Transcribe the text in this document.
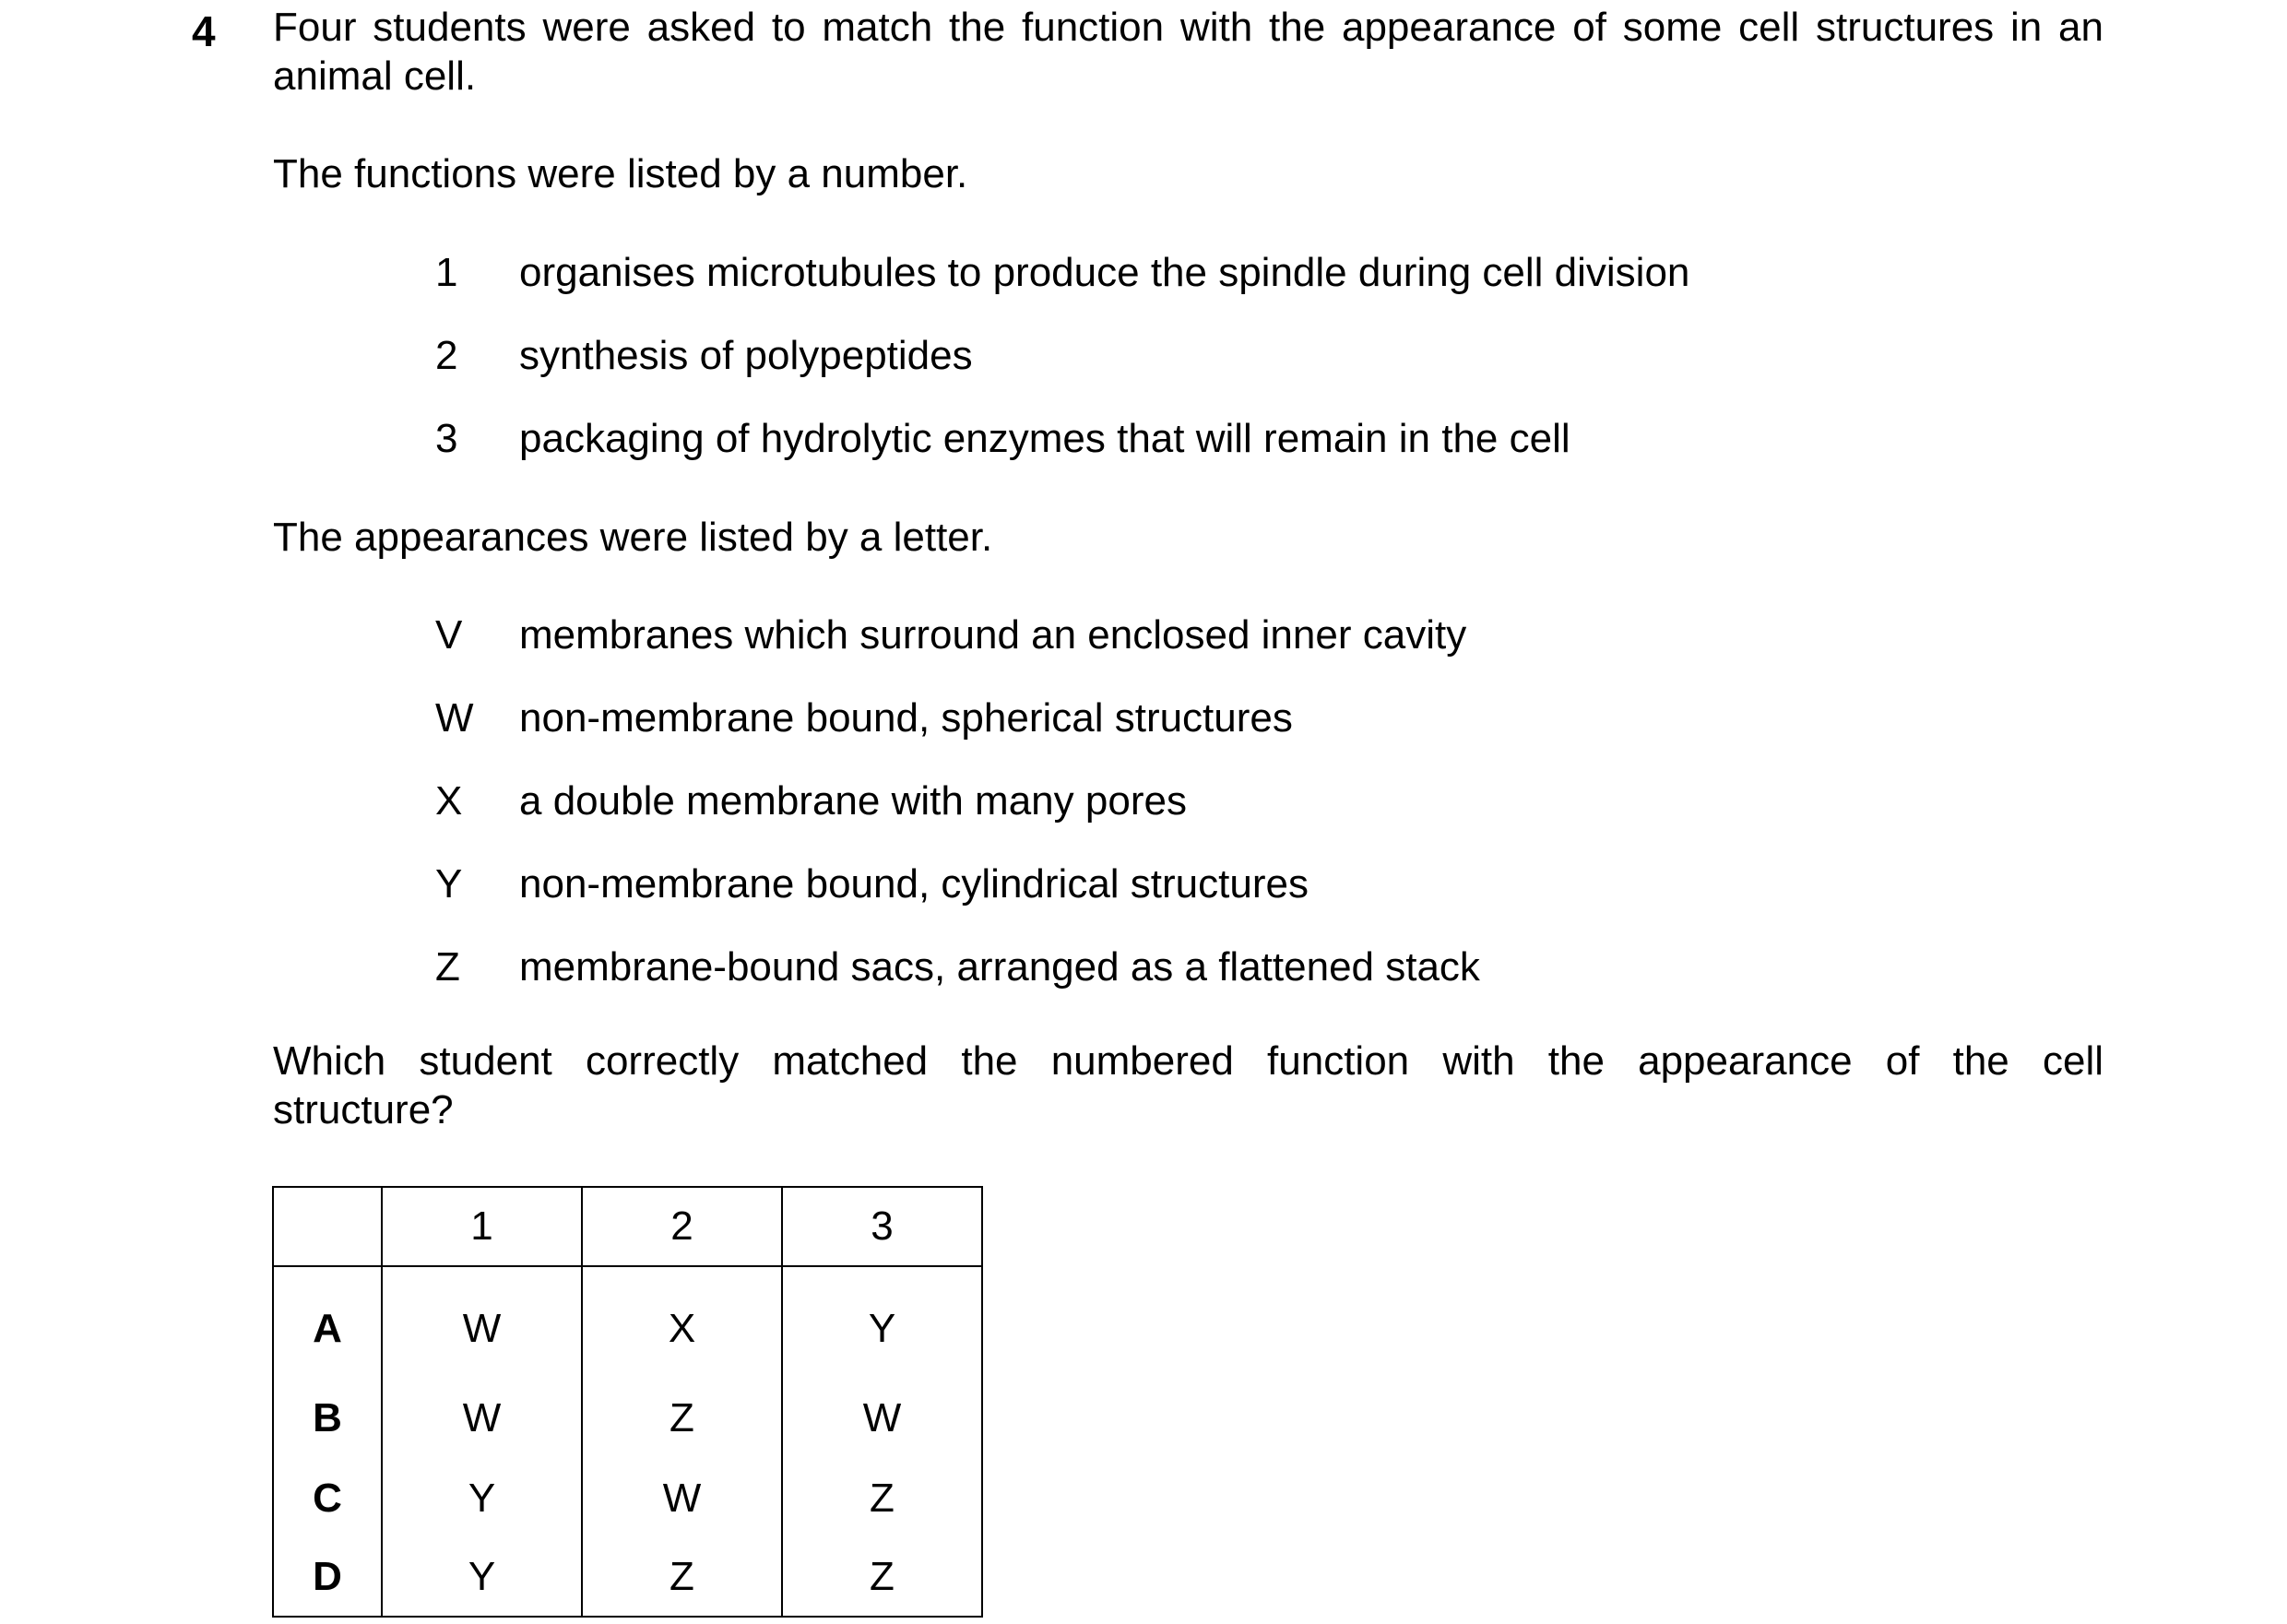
4 Four students were asked to match the function with the appearance of some cell structures in an
animal cell.
The functions were listed by a number.
1	organises microtubules to produce the spindle during cell division
2	synthesis of polypeptides
3	packaging of hydrolytic enzymes that will remain in the cell
The appearances were listed by a letter.
V	membranes which surround an enclosed inner cavity
W	non-membrane bound, spherical structures
X	a double membrane with many pores
Y	non-membrane bound, cylindrical structures
Z	membrane-bound sacs, arranged as a flattened stack
Which student correctly matched the numbered function with the appearance of the cell
structure?
	1	2	3
A	W	X	Y
B	W	Z	W
C	Y	W	Z
D	Y	Z	Z
